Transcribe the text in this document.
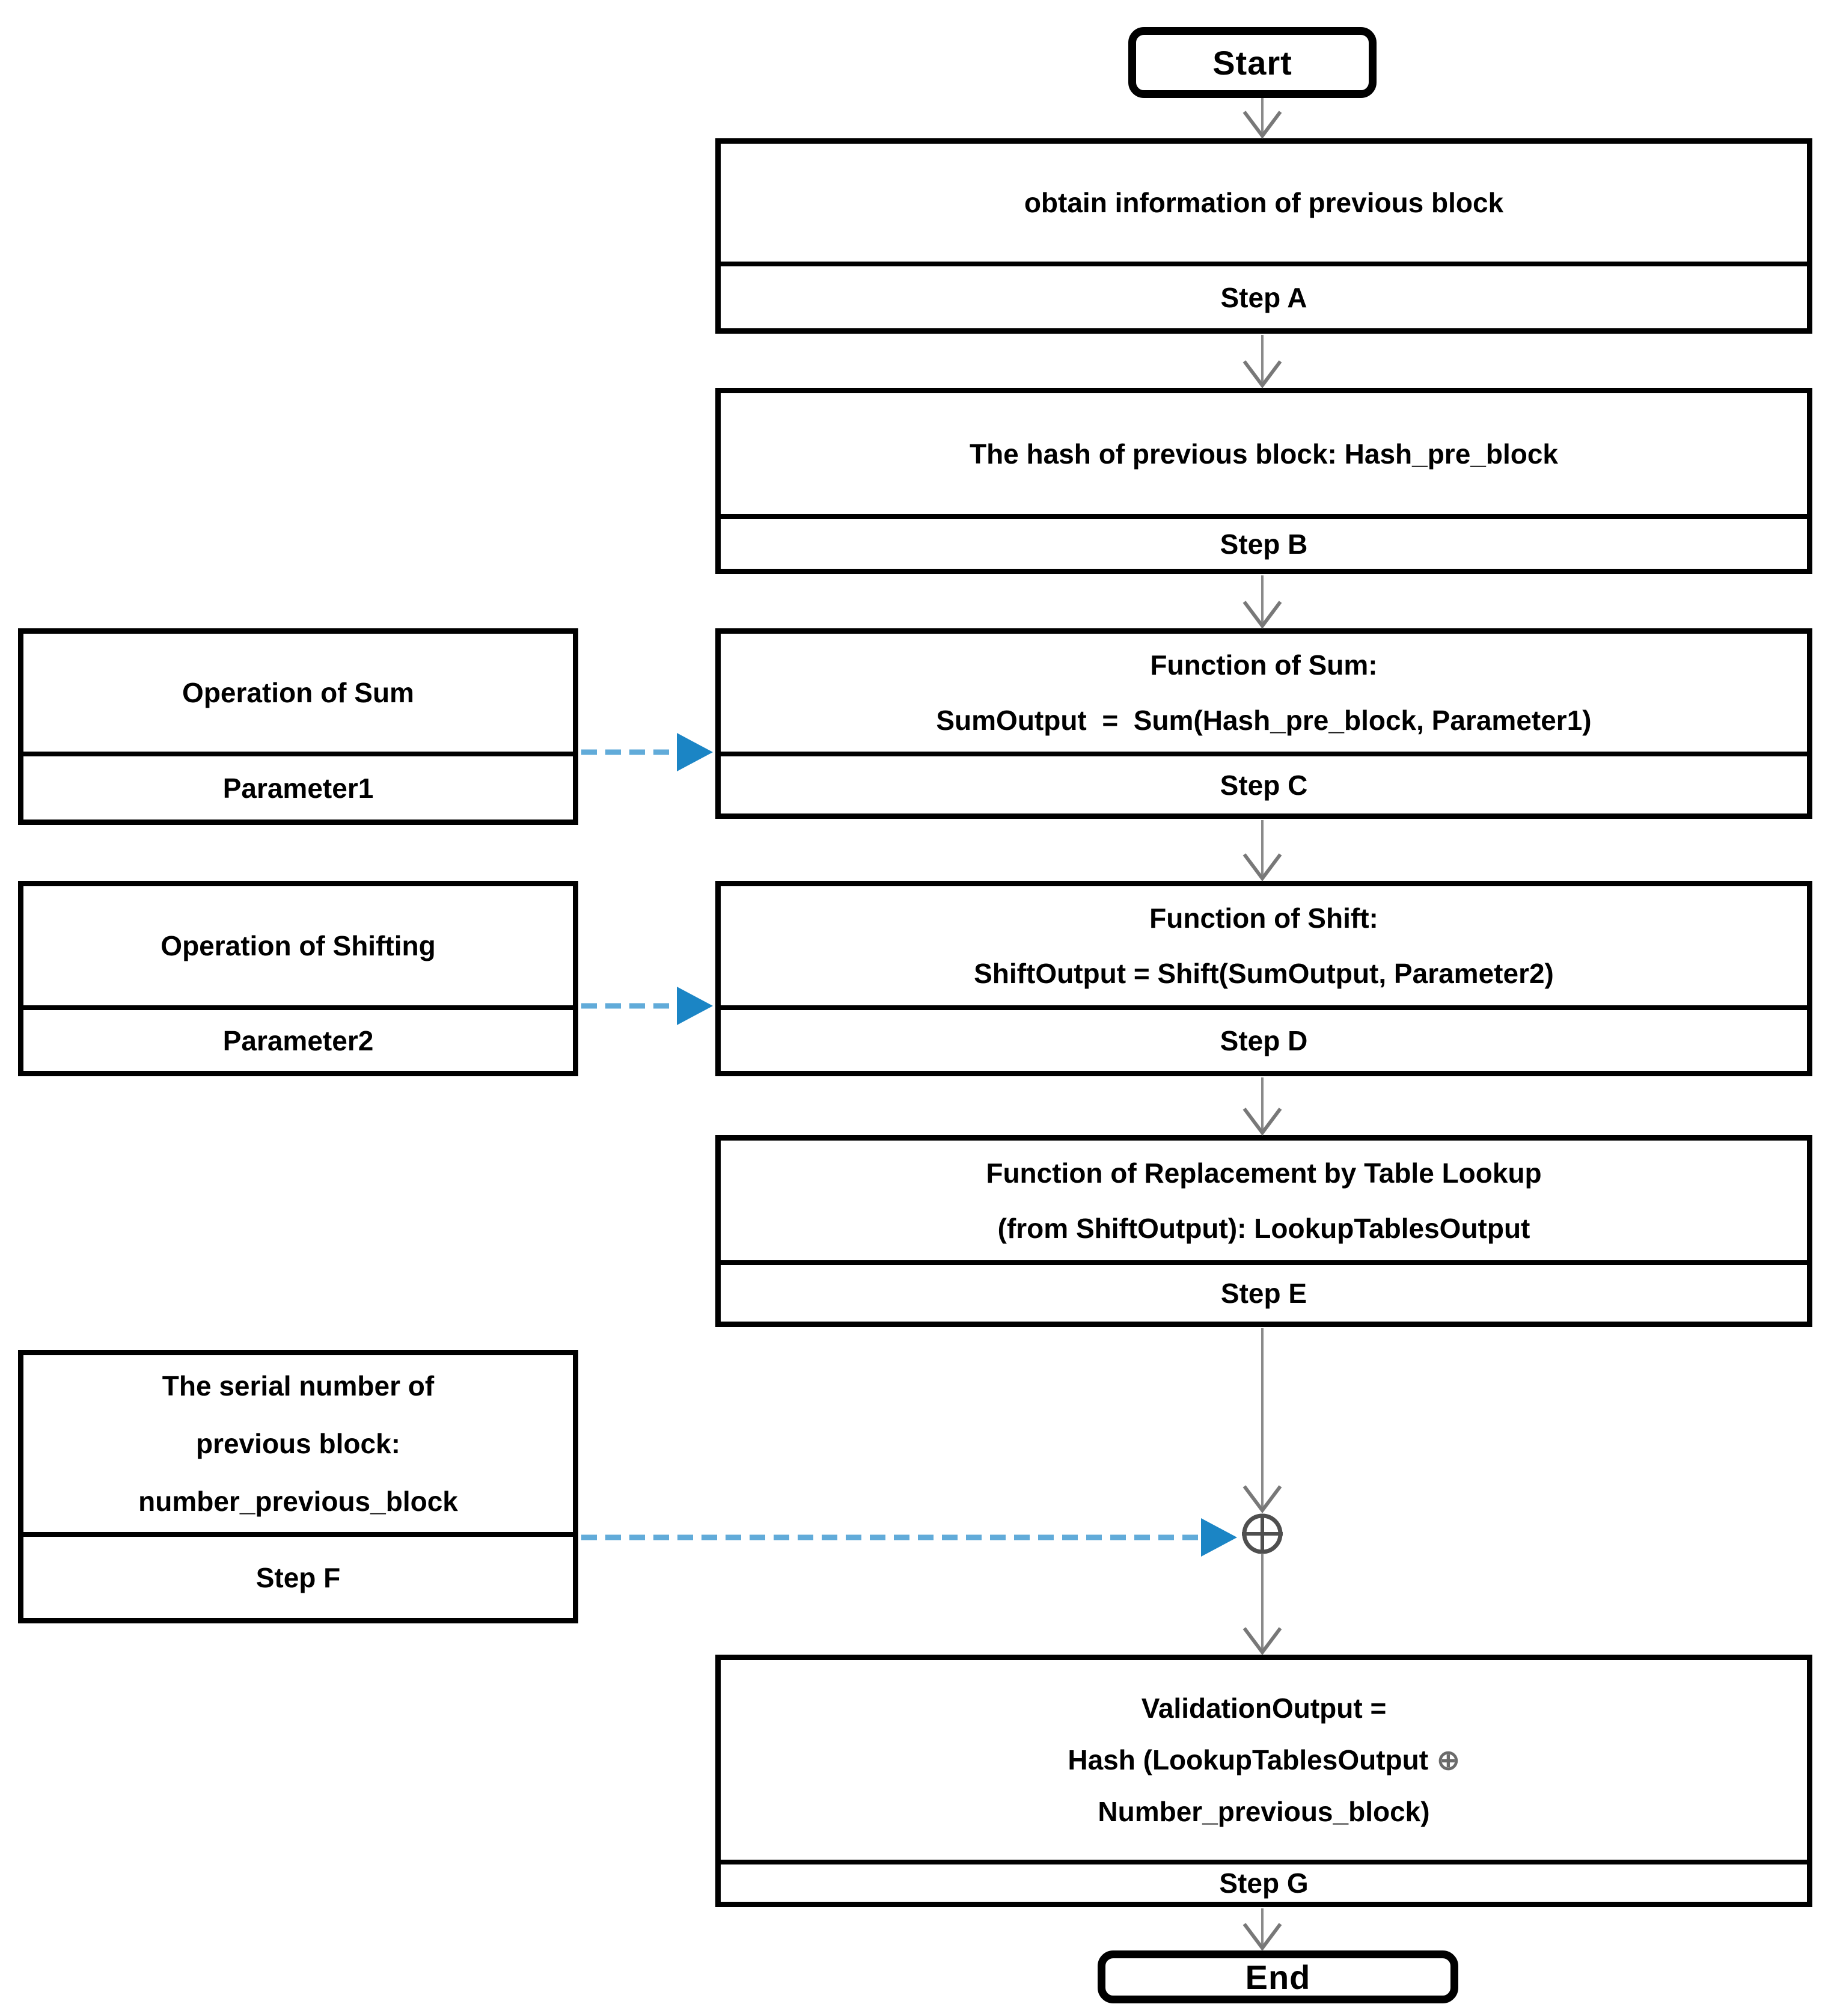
Start
obtain information of previous block
Step A
The hash of previous block: Hash_pre_block
Step B
Function of Sum:
SumOutput  =  Sum(Hash_pre_block, Parameter1)
Step C
Function of Shift:
ShiftOutput = Shift(SumOutput, Parameter2)
Step D
Function of Replacement by Table Lookup
(from ShiftOutput): LookupTablesOutput
Step E
ValidationOutput =
Hash (LookupTablesOutput ⊕
Number_previous_block)
Step G
Operation of Sum
Parameter1
Operation of Shifting
Parameter2
The serial number of
previous block:
number_previous_block
Step F
End
